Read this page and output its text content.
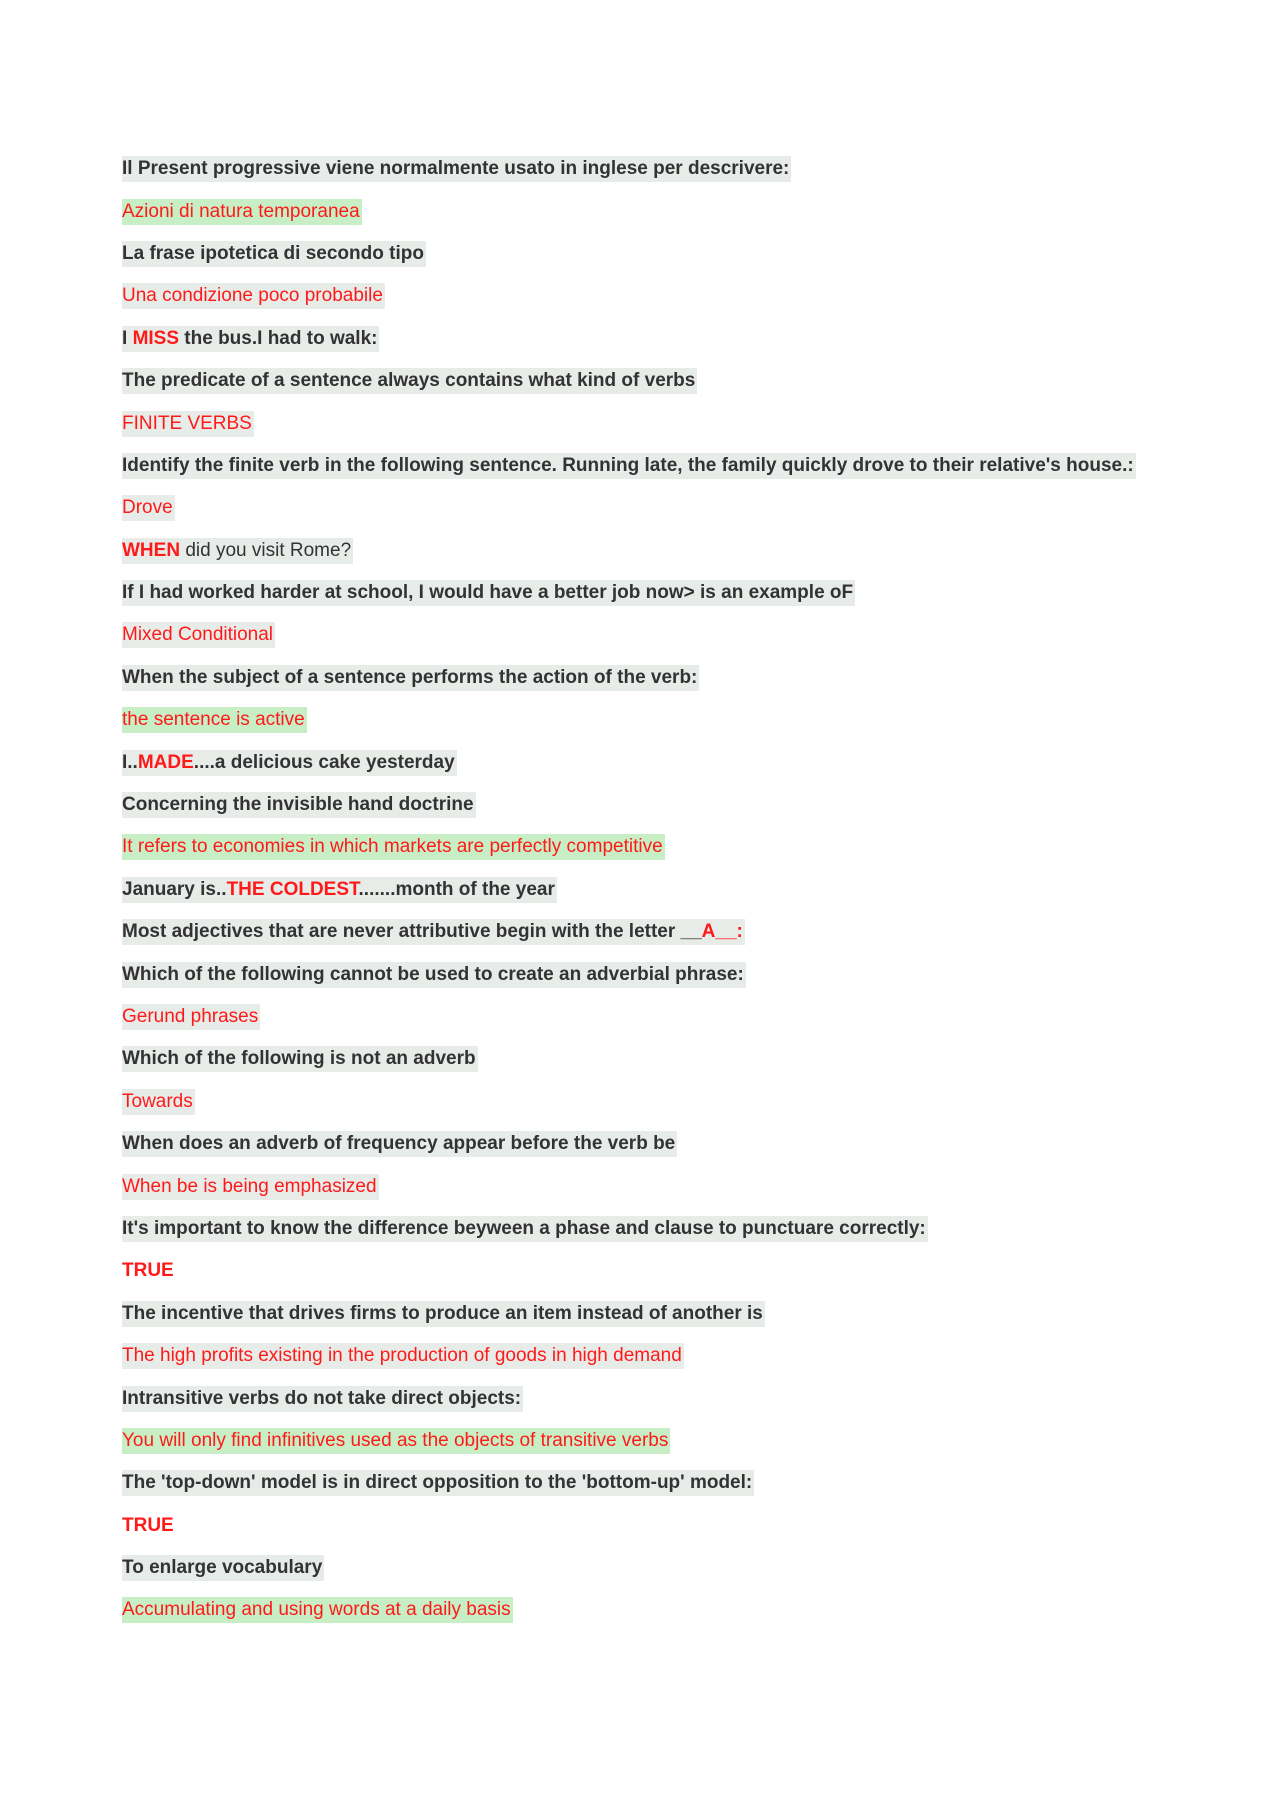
Il Present progressive viene normalmente usato in inglese per descrivere:
Azioni di natura temporanea
La frase ipotetica di secondo tipo
Una condizione poco probabile
I MISS the bus.I had to walk:
The predicate of a sentence always contains what kind of verbs
FINITE VERBS
Identify the finite verb in the following sentence. Running late, the family quickly drove to their relative's house.:
Drove
WHEN did you visit Rome?
If I had worked harder at school, I would have a better job now> is an example oF
Mixed Conditional
When the subject of a sentence performs the action of the verb:
the sentence is active
I..MADE....a delicious cake yesterday
Concerning the invisible hand doctrine
It refers to economies in which markets are perfectly competitive
January is..THE COLDEST.......month of the year
Most adjectives that are never attributive begin with the letter __A__:
Which of the following cannot be used to create an adverbial phrase:
Gerund phrases
Which of the following is not an adverb
Towards
When does an adverb of frequency appear before the verb be
When be is being emphasized
It's important to know the difference beyween a phase and clause to punctuare correctly:
TRUE
The incentive that drives firms to produce an item instead of another is
The high profits existing in the production of goods in high demand
Intransitive verbs do not take direct objects:
You will only find infinitives used as the objects of transitive verbs
The 'top-down' model is in direct opposition to the 'bottom-up' model:
TRUE
To enlarge vocabulary
Accumulating and using words at a daily basis
